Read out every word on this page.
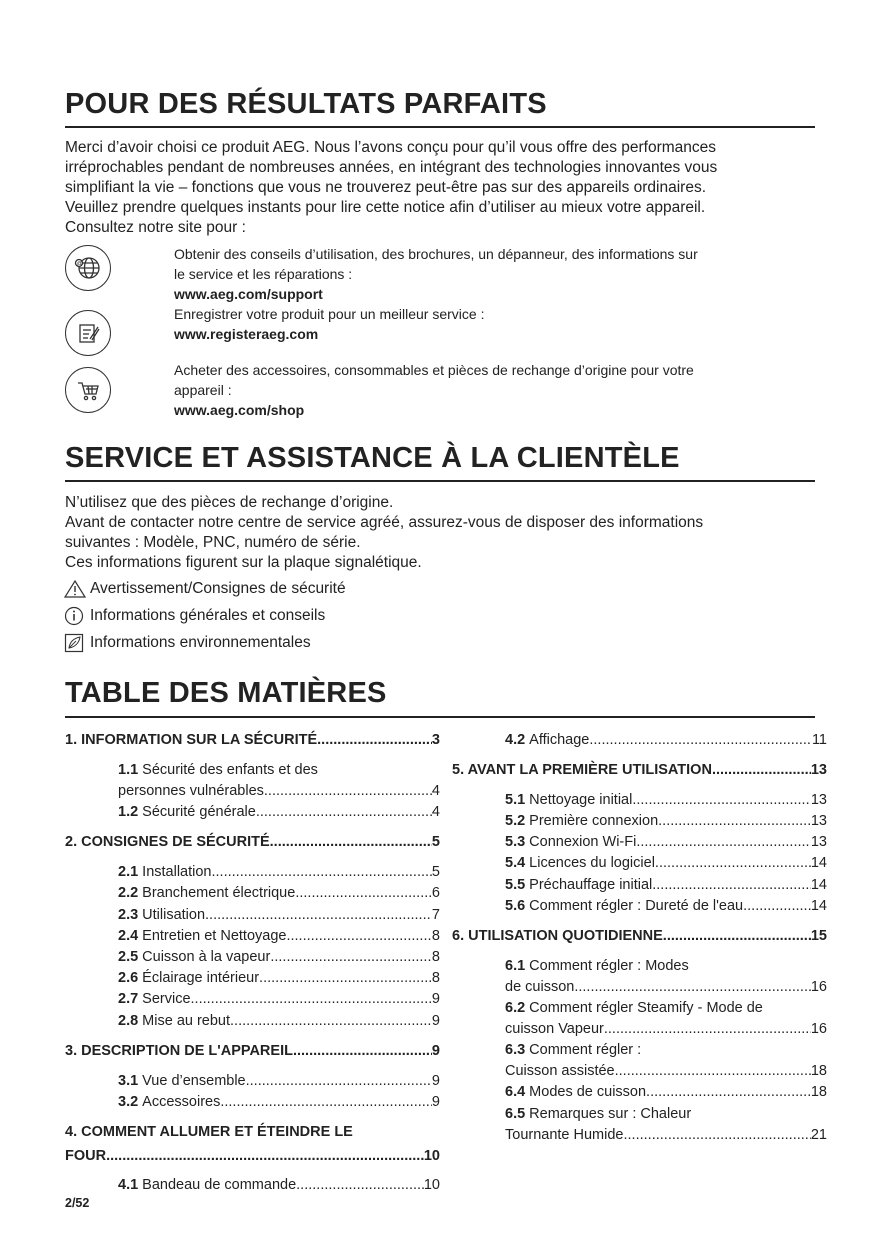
POUR DES RÉSULTATS PARFAITS
Merci d’avoir choisi ce produit AEG. Nous l’avons conçu pour qu’il vous offre des performances
irréprochables pendant de nombreuses années, en intégrant des technologies innovantes vous
simplifiant la vie – fonctions que vous ne trouverez peut-être pas sur des appareils ordinaires.
Veuillez prendre quelques instants pour lire cette notice afin d’utiliser au mieux votre appareil.
Consultez notre site pour :
@
Obtenir des conseils d’utilisation, des brochures, un dépanneur, des informations sur
le service et les réparations :
www.aeg.com/support
Enregistrer votre produit pour un meilleur service :
www.registeraeg.com
Acheter des accessoires, consommables et pièces de rechange d’origine pour votre
appareil :
www.aeg.com/shop
SERVICE ET ASSISTANCE À LA CLIENTÈLE
N’utilisez que des pièces de rechange d’origine.
Avant de contacter notre centre de service agréé, assurez-vous de disposer des informations
suivantes : Modèle, PNC, numéro de série.
Ces informations figurent sur la plaque signalétique.
Avertissement/Consignes de sécurité
Informations générales et conseils
Informations environnementales
TABLE DES MATIÈRES
1. INFORMATION SUR LA SÉCURITÉ .....	3
1.1 Sécurité des enfants et des
personnes vulnérables .....	4
1.2 Sécurité générale .....	4
2. CONSIGNES DE SÉCURITÉ .....	5
2.1 Installation .....	5
2.2 Branchement électrique .....	6
2.3 Utilisation .....	7
2.4 Entretien et Nettoyage .....	8
2.5 Cuisson à la vapeur .....	8
2.6 Éclairage intérieur .....	8
2.7 Service .....	9
2.8 Mise au rebut .....	9
3. DESCRIPTION DE L'APPAREIL .....	9
3.1 Vue d’ensemble .....	9
3.2 Accessoires .....	9
4. COMMENT ALLUMER ET ÉTEINDRE LE
FOUR .....	10
4.1 Bandeau de commande .....	10
4.2 Affichage .....	11
5. AVANT LA PREMIÈRE UTILISATION .....	13
5.1 Nettoyage initial .....	13
5.2 Première connexion .....	13
5.3 Connexion Wi-Fi .....	13
5.4 Licences du logiciel .....	14
5.5 Préchauffage initial .....	14
5.6 Comment régler : Dureté de l'eau .....	14
6. UTILISATION QUOTIDIENNE .....	15
6.1 Comment régler : Modes
de cuisson .....	16
6.2 Comment régler Steamify - Mode de
cuisson Vapeur .....	16
6.3 Comment régler :
Cuisson assistée .....	18
6.4 Modes de cuisson .....	18
6.5 Remarques sur : Chaleur
Tournante Humide .....	21
2/52
